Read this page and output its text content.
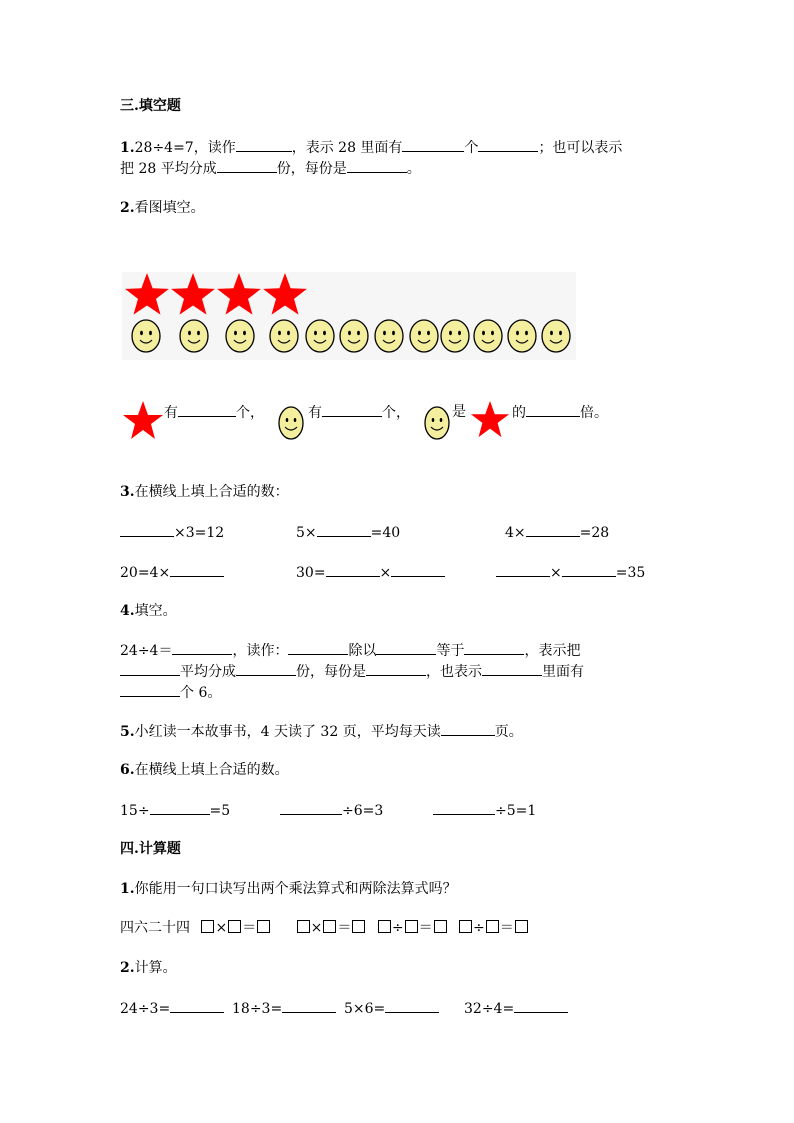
三.填空题
1.28÷4=7，读作	，表示 28 里面有	个	；也可以表示
把 28 平均分成	份，每份是	。
2.看图填空。
有	个，	有	个，	是	的	倍。
3.在横线上填上合适的数：
×3=12	5×	=40	4×	=28
20=4×	30=	×	×	=35
4.填空。
24÷4＝	，读作：	除以	等于	，表示把
平均分成	份，每份是	，也表示	里面有
个 6。
5.小红读一本故事书，4 天读了 32 页，平均每天读	页。
6.在横线上填上合适的数。
15÷	=5	÷6=3	÷5=1
四.计算题
1.你能用一句口诀写出两个乘法算式和两除法算式吗？
四六二十四 × ＝	× ＝	÷ ＝	÷ ＝
2.计算。
24÷3=	18÷3=	5×6=	32÷4=
